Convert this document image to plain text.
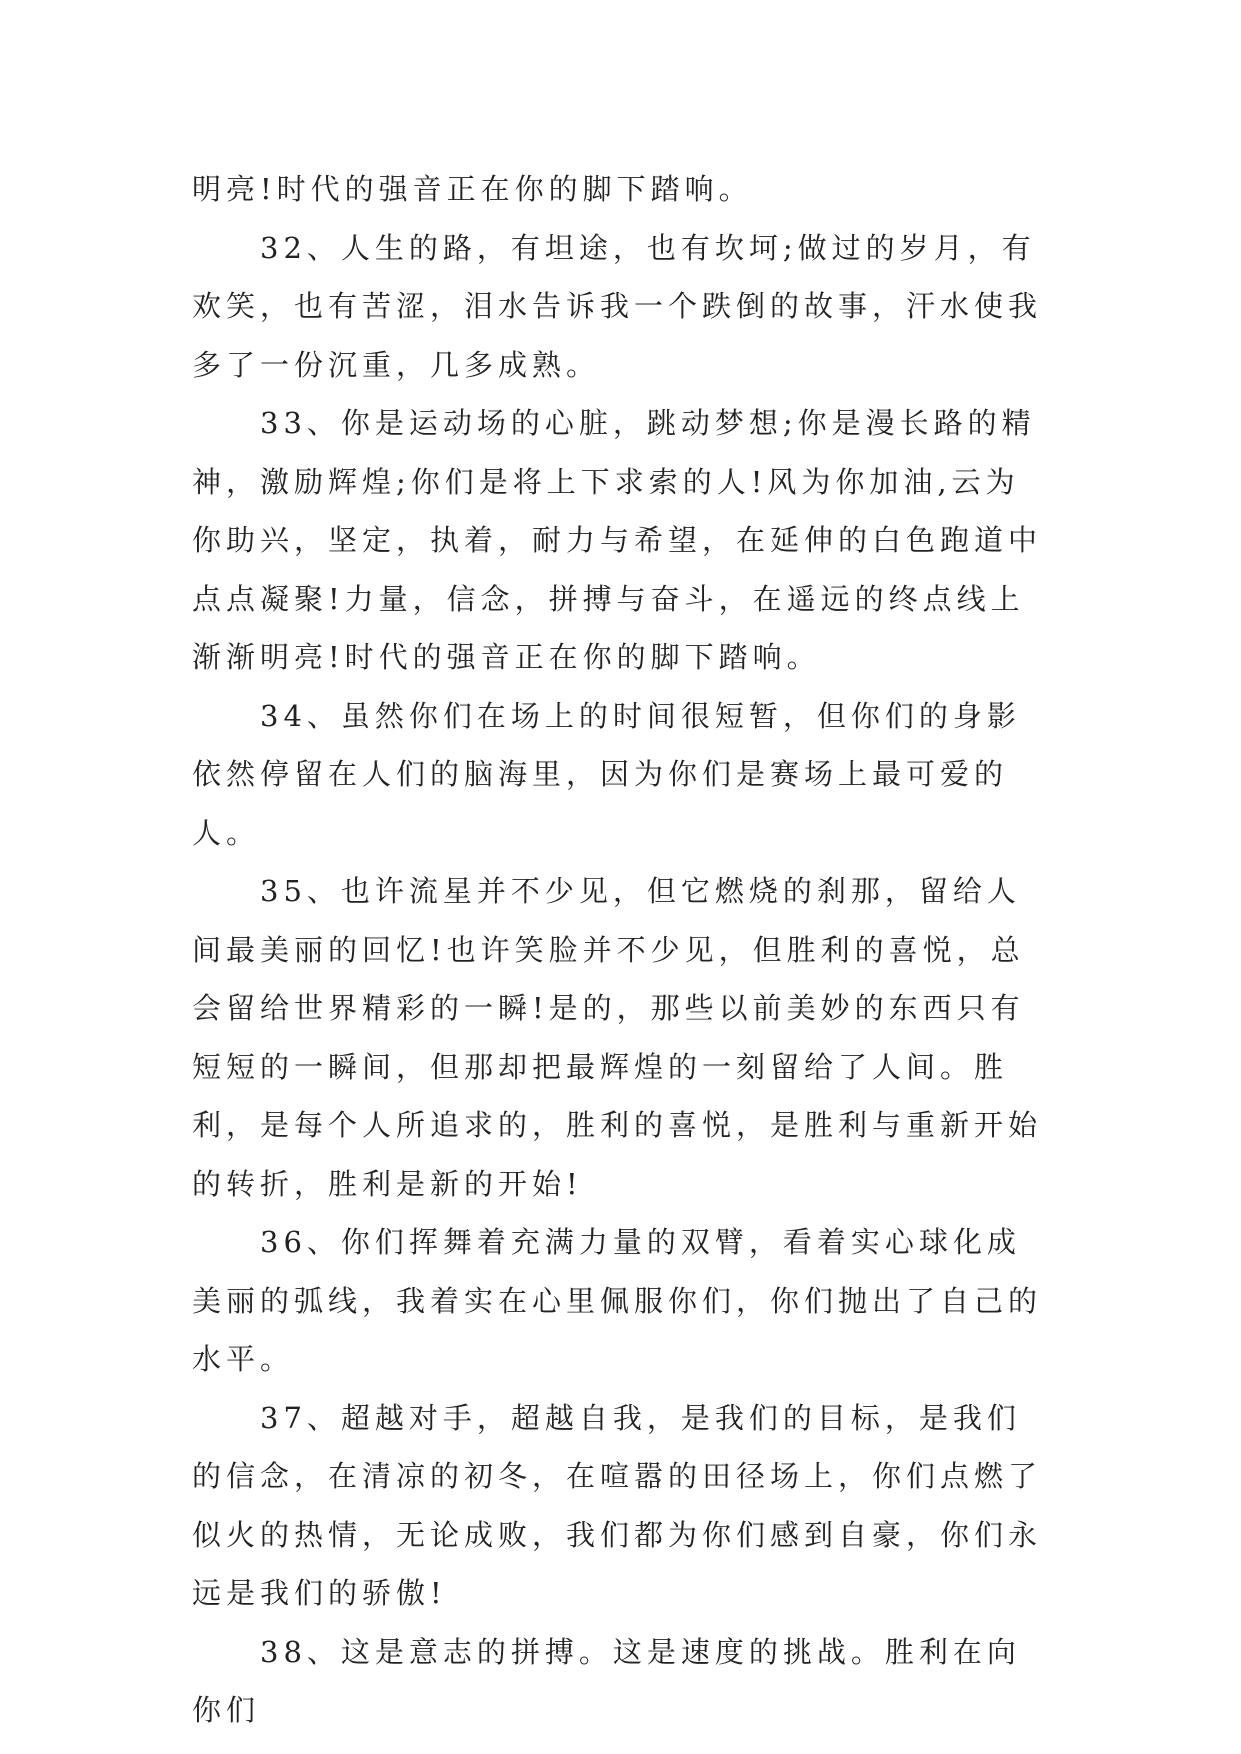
明亮!时代的强音正在你的脚下踏响。

32、人生的路，有坦途，也有坎坷;做过的岁月，有欢笑，也有苦涩，泪水告诉我一个跌倒的故事，汗水使我多了一份沉重，几多成熟。

33、你是运动场的心脏，跳动梦想;你是漫长路的精神，激励辉煌;你们是将上下求索的人!风为你加油,云为你助兴，坚定，执着，耐力与希望，在延伸的白色跑道中点点凝聚!力量，信念，拼搏与奋斗，在遥远的终点线上渐渐明亮!时代的强音正在你的脚下踏响。

34、虽然你们在场上的时间很短暂，但你们的身影依然停留在人们的脑海里，因为你们是赛场上最可爱的人。

35、也许流星并不少见，但它燃烧的刹那，留给人间最美丽的回忆!也许笑脸并不少见，但胜利的喜悦，总会留给世界精彩的一瞬!是的，那些以前美妙的东西只有短短的一瞬间，但那却把最辉煌的一刻留给了人间。胜利，是每个人所追求的，胜利的喜悦，是胜利与重新开始的转折，胜利是新的开始!

36、你们挥舞着充满力量的双臂，看着实心球化成美丽的弧线，我着实在心里佩服你们，你们抛出了自己的水平。

37、超越对手，超越自我，是我们的目标，是我们的信念，在清凉的初冬，在喧嚣的田径场上，你们点燃了似火的热情，无论成败，我们都为你们感到自豪，你们永远是我们的骄傲!

38、这是意志的拼搏。这是速度的挑战。胜利在向你们
